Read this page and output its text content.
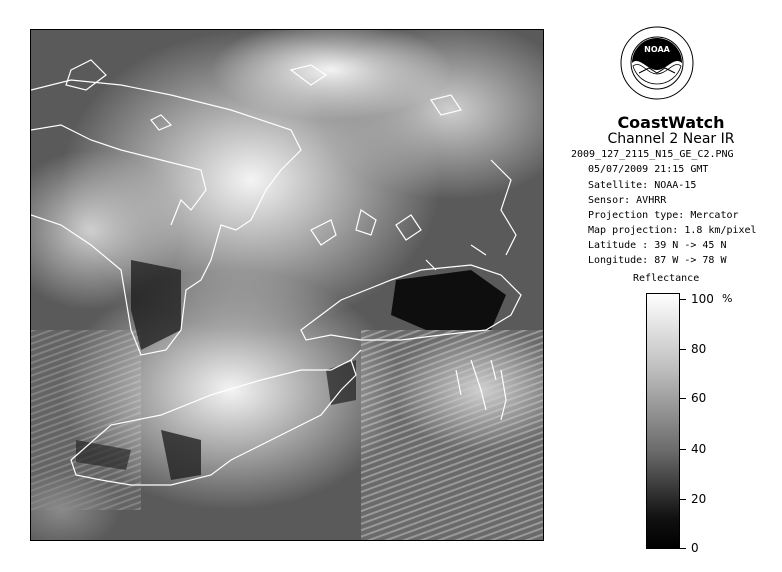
NOAA
CoastWatch
Channel 2 Near IR
2009_127_2115_N15_GE_C2.PNG
05/07/2009 21:15 GMT
Satellite: NOAA-15
Sensor: AVHRR
Projection type: Mercator
Map projection: 1.8 km/pixel
Latitude : 39 N -> 45 N
Longitude: 87 W -> 78 W
Reflectance
%
100
80
60
40
20
0
